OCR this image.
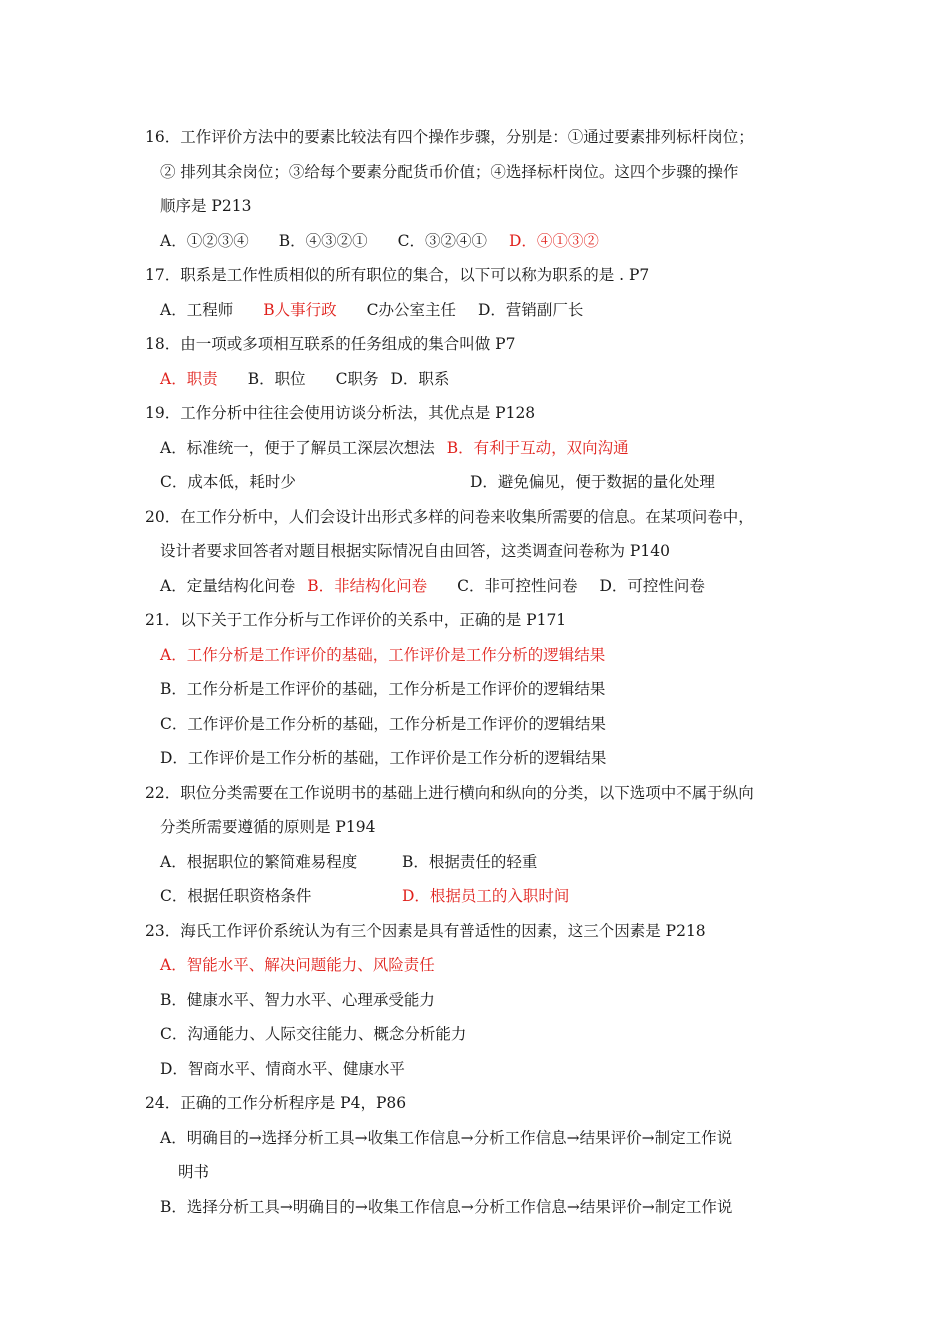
16．工作评价方法中的要素比较法有四个操作步骤，分别是：①通过要素排列标杆岗位；
② 排列其余岗位；③给每个要素分配货币价值；④选择标杆岗位。这四个步骤的操作
顺序是 P213
A．①②③④ B．④③②① C．③②④① D．④①③②
17．职系是工作性质相似的所有职位的集合，以下可以称为职系的是 . P7
A．工程师 B人事行政 C办公室主任 D．营销副厂长
18．由一项或多项相互联系的任务组成的集合叫做 P7
A．职责 B．职位 C职务 D．职系
19．工作分析中往往会使用访谈分析法，其优点是 P128
A．标准统一，便于了解员工深层次想法 B．有利于互动，双向沟通
C．成本低，耗时少	D．避免偏见，便于数据的量化处理
20．在工作分析中，人们会设计出形式多样的问卷来收集所需要的信息。在某项问卷中，
设计者要求回答者对题目根据实际情况自由回答，这类调查问卷称为 P140
A．定量结构化问卷 B．非结构化问卷 C．非可控性问卷 D．可控性问卷
21．以下关于工作分析与工作评价的关系中，正确的是 P171
A．工作分析是工作评价的基础，工作评价是工作分析的逻辑结果
B．工作分析是工作评价的基础，工作分析是工作评价的逻辑结果
C．工作评价是工作分析的基础，工作分析是工作评价的逻辑结果
D．工作评价是工作分析的基础，工作评价是工作分析的逻辑结果
22．职位分类需要在工作说明书的基础上进行横向和纵向的分类，以下选项中不属于纵向
分类所需要遵循的原则是 P194
A．根据职位的繁简难易程度	B．根据责任的轻重
C．根据任职资格条件	D．根据员工的入职时间
23．海氏工作评价系统认为有三个因素是具有普适性的因素，这三个因素是 P218
A．智能水平、解决问题能力、风险责任
B．健康水平、智力水平、心理承受能力
C．沟通能力、人际交往能力、概念分析能力
D．智商水平、情商水平、健康水平
24．正确的工作分析程序是 P4，P86
A．明确目的→选择分析工具→收集工作信息→分析工作信息→结果评价→制定工作说
明书
B．选择分析工具→明确目的→收集工作信息→分析工作信息→结果评价→制定工作说
